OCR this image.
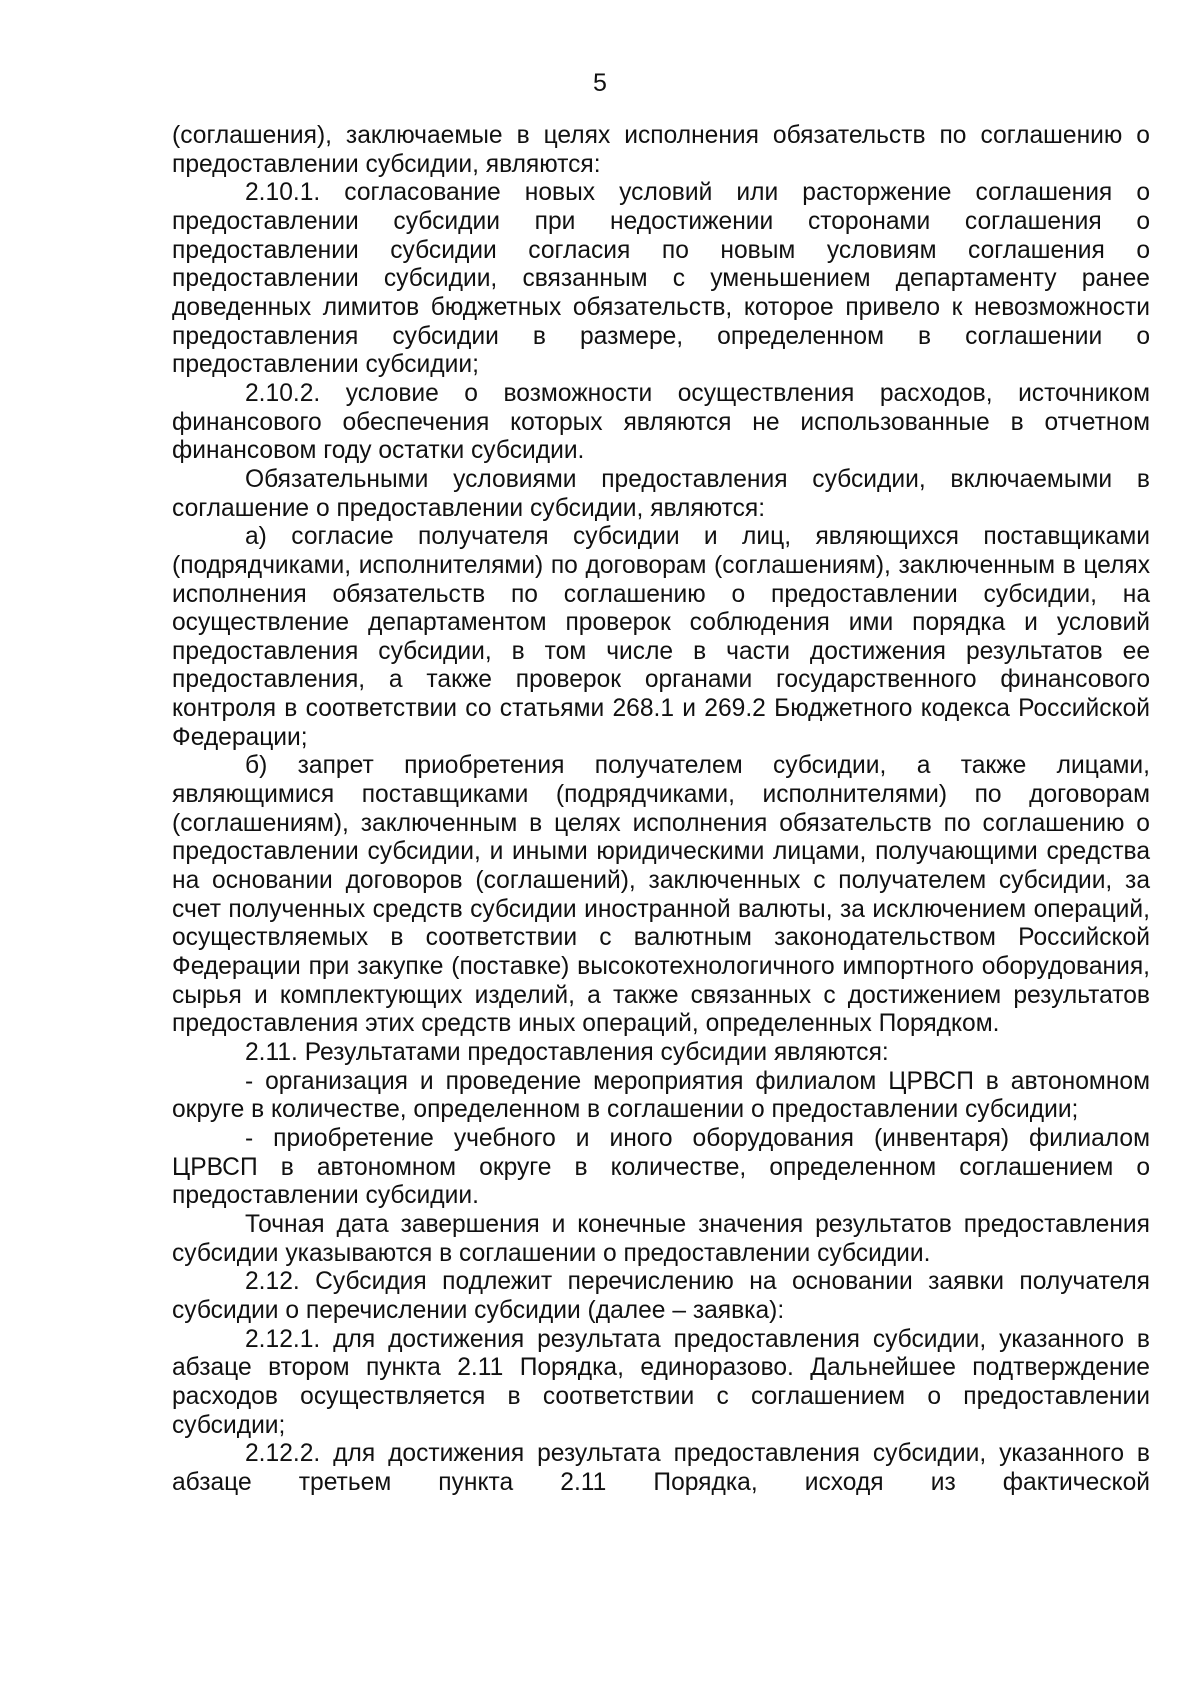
5

(соглашения), заключаемые в целях исполнения обязательств по соглашению о предоставлении субсидии, являются:

2.10.1. согласование новых условий или расторжение соглашения о предоставлении субсидии при недостижении сторонами соглашения о предоставлении субсидии согласия по новым условиям соглашения о предоставлении субсидии, связанным с уменьшением департаменту ранее доведенных лимитов бюджетных обязательств, которое привело к невозможности предоставления субсидии в размере, определенном в соглашении о предоставлении субсидии;

2.10.2. условие о возможности осуществления расходов, источником финансового обеспечения которых являются не использованные в отчетном финансовом году остатки субсидии.

Обязательными условиями предоставления субсидии, включаемыми в соглашение о предоставлении субсидии, являются:

а) согласие получателя субсидии и лиц, являющихся поставщиками (подрядчиками, исполнителями) по договорам (соглашениям), заключенным в целях исполнения обязательств по соглашению о предоставлении субсидии, на осуществление департаментом проверок соблюдения ими порядка и условий предоставления субсидии, в том числе в части достижения результатов ее предоставления, а также проверок органами государственного финансового контроля в соответствии со статьями 268.1 и 269.2 Бюджетного кодекса Российской Федерации;

б) запрет приобретения получателем субсидии, а также лицами, являющимися поставщиками (подрядчиками, исполнителями) по договорам (соглашениям), заключенным в целях исполнения обязательств по соглашению о предоставлении субсидии, и иными юридическими лицами, получающими средства на основании договоров (соглашений), заключенных с получателем субсидии, за счет полученных средств субсидии иностранной валюты, за исключением операций, осуществляемых в соответствии с валютным законодательством Российской Федерации при закупке (поставке) высокотехнологичного импортного оборудования, сырья и комплектующих изделий, а также связанных с достижением результатов предоставления этих средств иных операций, определенных Порядком.

2.11. Результатами предоставления субсидии являются:

- организация и проведение мероприятия филиалом ЦРВСП в автономном округе в количестве, определенном в соглашении о предоставлении субсидии;

- приобретение учебного и иного оборудования (инвентаря) филиалом ЦРВСП в автономном округе в количестве, определенном соглашением о предоставлении субсидии.

Точная дата завершения и конечные значения результатов предоставления субсидии указываются в соглашении о предоставлении субсидии.

2.12. Субсидия подлежит перечислению на основании заявки получателя субсидии о перечислении субсидии (далее – заявка):

2.12.1. для достижения результата предоставления субсидии, указанного в абзаце втором пункта 2.11 Порядка, единоразово. Дальнейшее подтверждение расходов осуществляется в соответствии с соглашением о предоставлении субсидии;

2.12.2. для достижения результата предоставления субсидии, указанного в абзаце третьем пункта 2.11 Порядка, исходя из фактической
